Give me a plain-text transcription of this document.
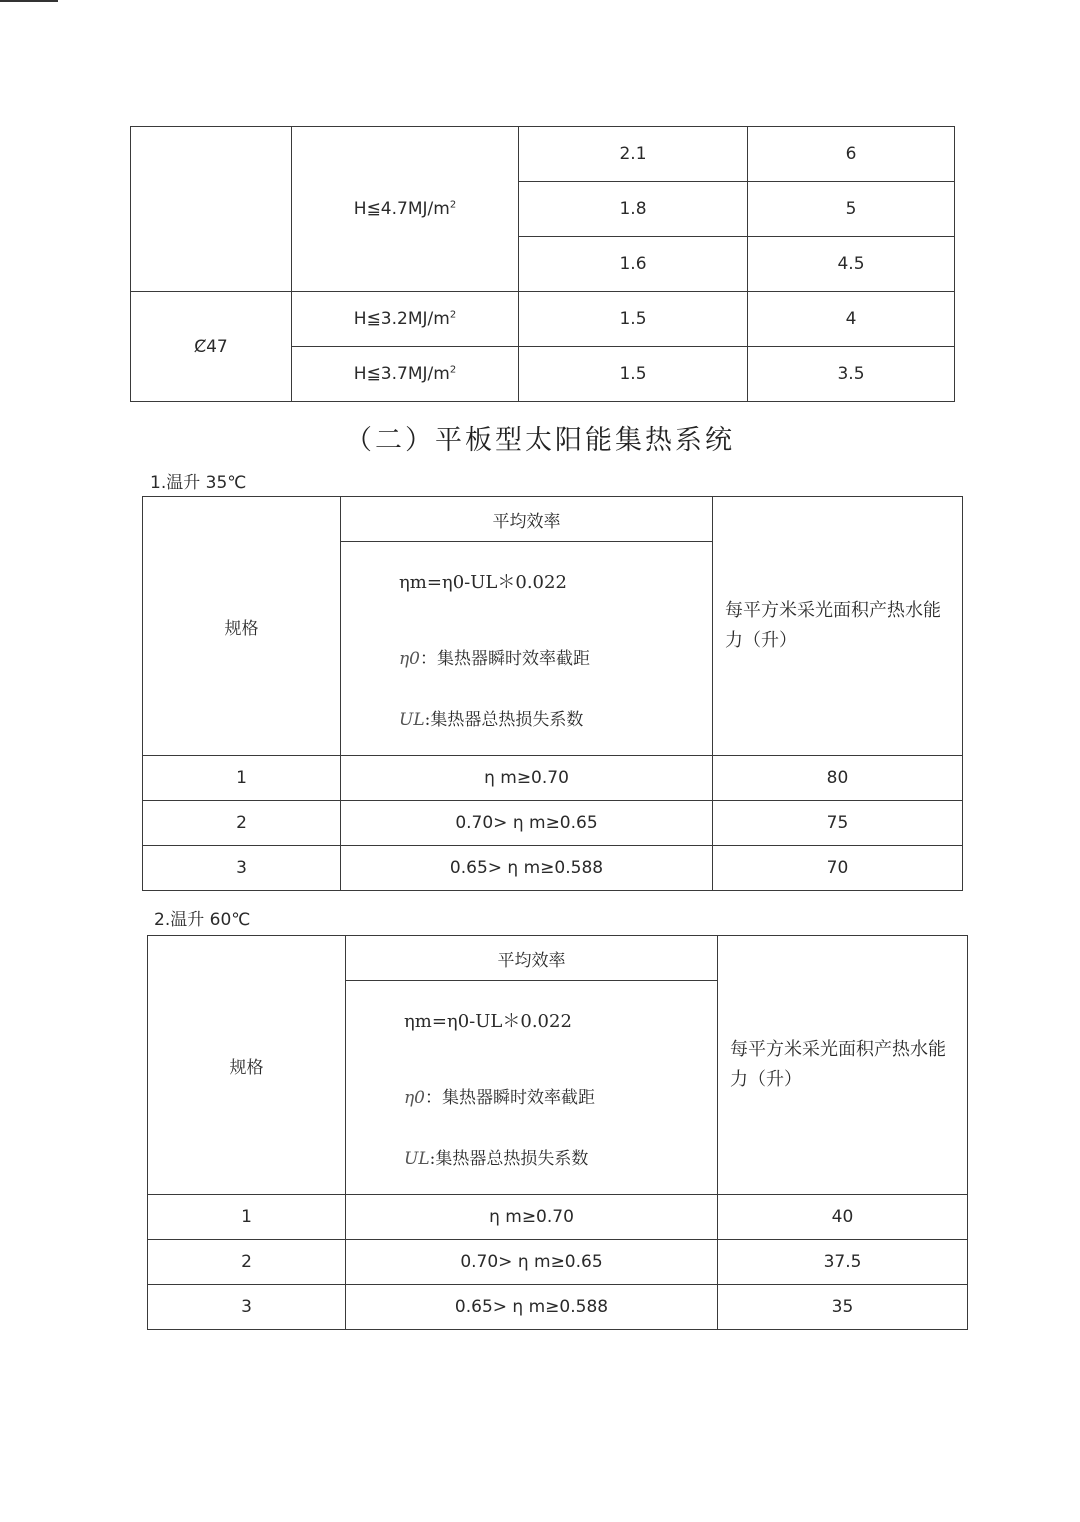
	$H≦4.7MJ/m^2$	2.1	6
		1.8	5
		1.6	4.5
Ȼ47	$H≦3.2MJ/m^2$	1.5	4
	$H≦3.7MJ/m^2$	1.5	3.5
（二）平板型太阳能集热系统
1.温升 35℃
规格	平均效率	每平方米采光面积产热水能力（升）

	ηm=η0-UL＊0.022
η0：集热器瞬时效率截距
UL:集热器总热损失系数	

1	η m≥0.70	80
2	0.70> η m≥0.65	75
3	0.65> η m≥0.588	70
2.温升 60℃
规格	平均效率	每平方米采光面积产热水能力（升）

	ηm=η0-UL＊0.022
η0：集热器瞬时效率截距
UL:集热器总热损失系数	

1	η m≥0.70	40
2	0.70> η m≥0.65	37.5
3	0.65> η m≥0.588	35
